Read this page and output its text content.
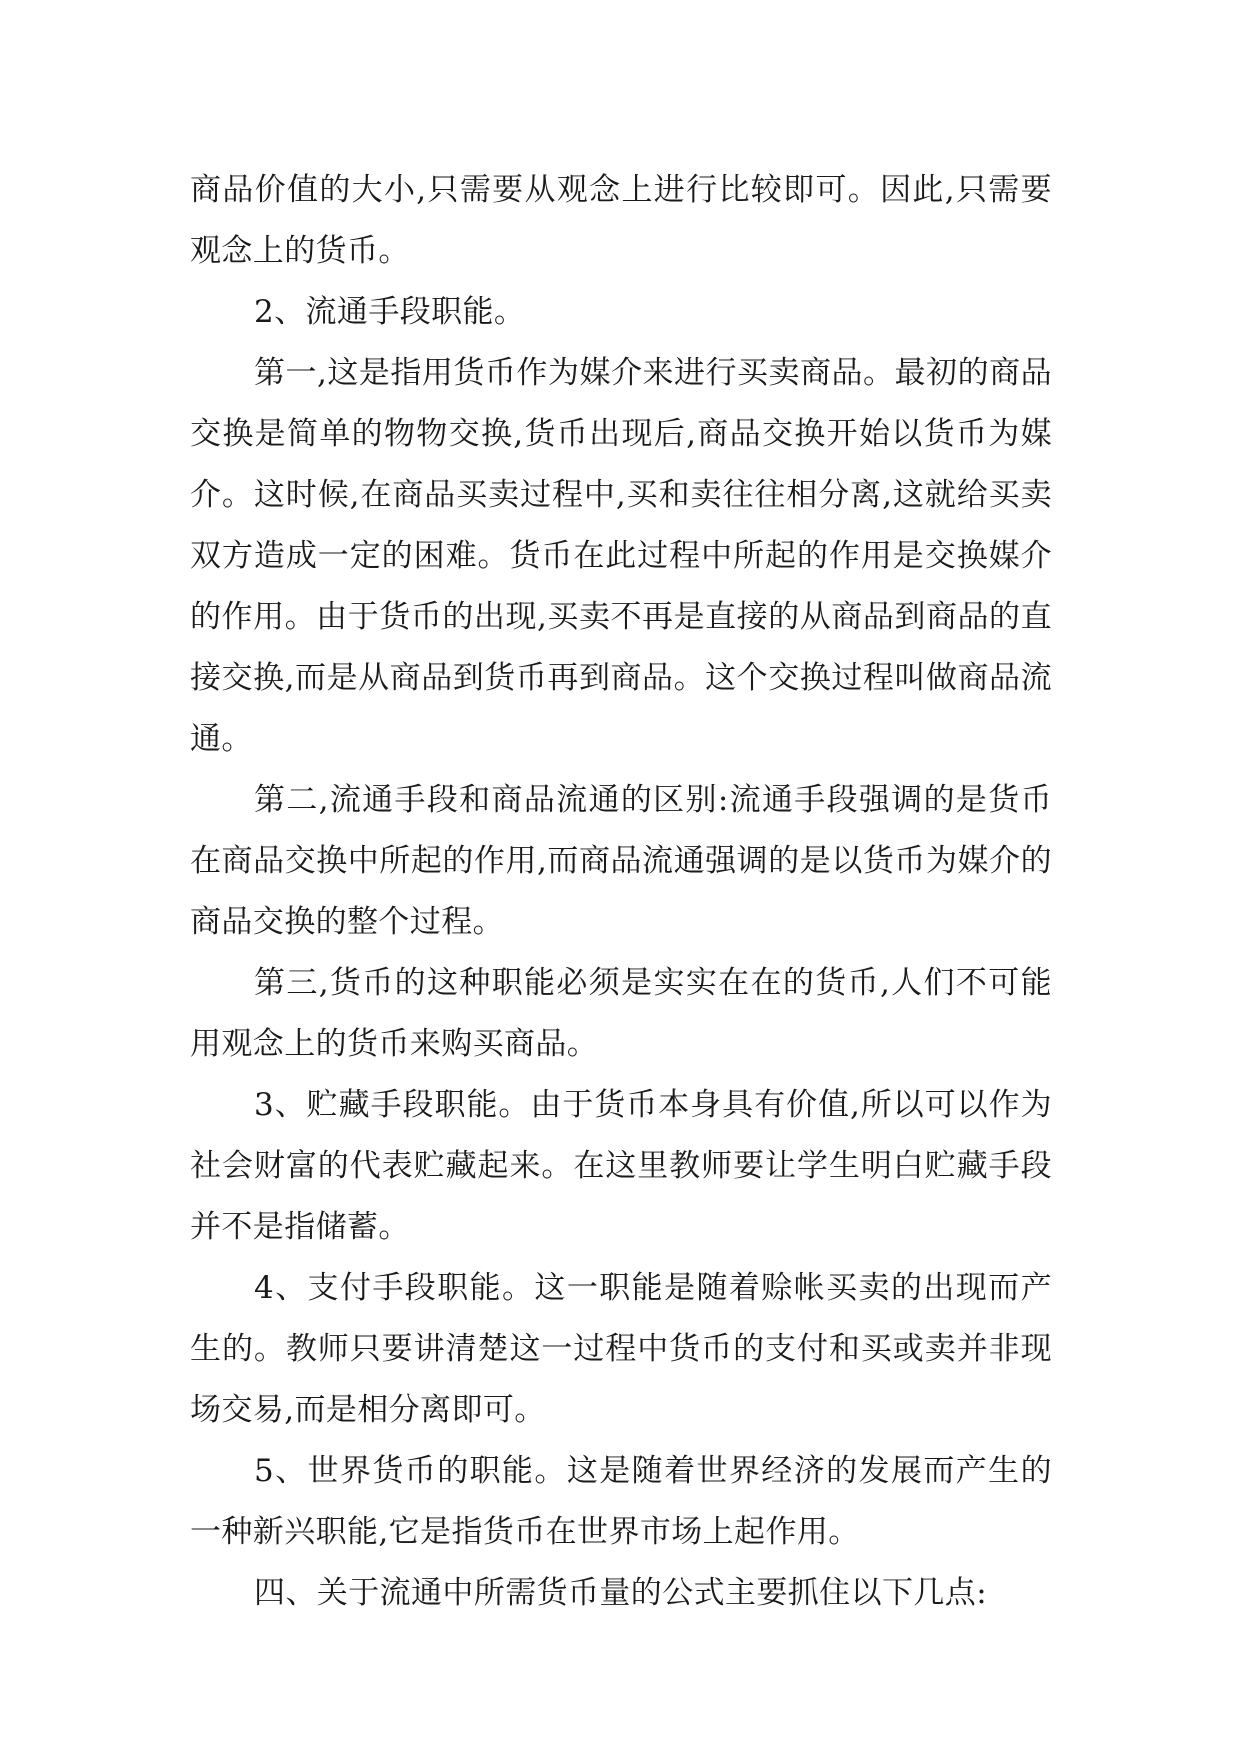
商品价值的大小,只需要从观念上进行比较即可。因此,只需要观念上的货币。

2、流通手段职能。

第一,这是指用货币作为媒介来进行买卖商品。最初的商品交换是简单的物物交换,货币出现后,商品交换开始以货币为媒介。这时候,在商品买卖过程中,买和卖往往相分离,这就给买卖双方造成一定的困难。货币在此过程中所起的作用是交换媒介的作用。由于货币的出现,买卖不再是直接的从商品到商品的直接交换,而是从商品到货币再到商品。这个交换过程叫做商品流通。

第二,流通手段和商品流通的区别:流通手段强调的是货币在商品交换中所起的作用,而商品流通强调的是以货币为媒介的商品交换的整个过程。

第三,货币的这种职能必须是实实在在的货币,人们不可能用观念上的货币来购买商品。

3、贮藏手段职能。由于货币本身具有价值,所以可以作为社会财富的代表贮藏起来。在这里教师要让学生明白贮藏手段并不是指储蓄。

4、支付手段职能。这一职能是随着赊帐买卖的出现而产生的。教师只要讲清楚这一过程中货币的支付和买或卖并非现场交易,而是相分离即可。

5、世界货币的职能。这是随着世界经济的发展而产生的一种新兴职能,它是指货币在世界市场上起作用。

四、关于流通中所需货币量的公式主要抓住以下几点:
